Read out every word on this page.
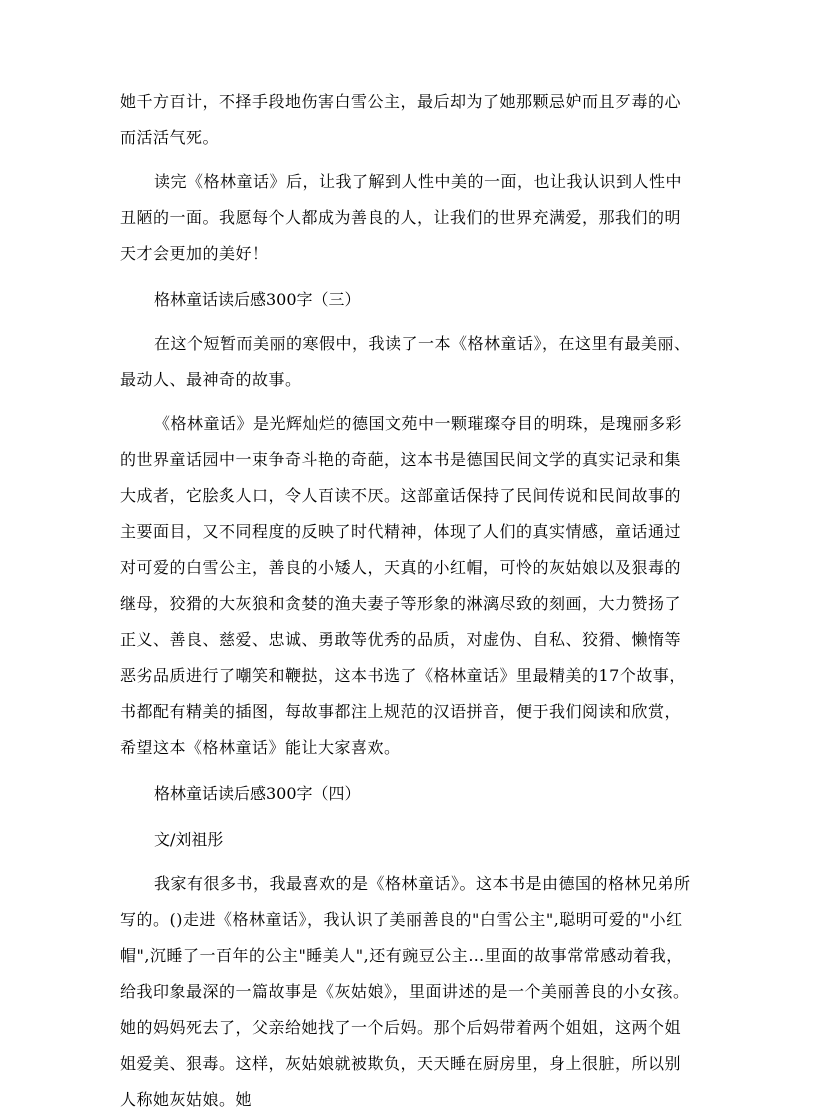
她千方百计，不择手段地伤害白雪公主，最后却为了她那颗忌妒而且歹毒的心而活活气死。

读完《格林童话》后，让我了解到人性中美的一面，也让我认识到人性中丑陋的一面。我愿每个人都成为善良的人，让我们的世界充满爱，那我们的明天才会更加的美好！

格林童话读后感300字（三）

在这个短暂而美丽的寒假中，我读了一本《格林童话》，在这里有最美丽、最动人、最神奇的故事。

《格林童话》是光辉灿烂的德国文苑中一颗璀璨夺目的明珠，是瑰丽多彩的世界童话园中一束争奇斗艳的奇葩，这本书是德国民间文学的真实记录和集大成者，它脍炙人口，令人百读不厌。这部童话保持了民间传说和民间故事的主要面目，又不同程度的反映了时代精神，体现了人们的真实情感，童话通过对可爱的白雪公主，善良的小矮人，天真的小红帽，可怜的灰姑娘以及狠毒的继母，狡猾的大灰狼和贪婪的渔夫妻子等形象的淋漓尽致的刻画，大力赞扬了正义、善良、慈爱、忠诚、勇敢等优秀的品质，对虚伪、自私、狡猾、懒惰等恶劣品质进行了嘲笑和鞭挞，这本书选了《格林童话》里最精美的17个故事，书都配有精美的插图，每故事都注上规范的汉语拼音，便于我们阅读和欣赏，希望这本《格林童话》能让大家喜欢。

格林童话读后感300字（四）

文/刘祖彤

我家有很多书，我最喜欢的是《格林童话》。这本书是由德国的格林兄弟所写的。()走进《格林童话》，我认识了美丽善良的"白雪公主",聪明可爱的"小红帽",沉睡了一百年的公主"睡美人",还有豌豆公主…里面的故事常常感动着我，给我印象最深的一篇故事是《灰姑娘》，里面讲述的是一个美丽善良的小女孩。她的妈妈死去了，父亲给她找了一个后妈。那个后妈带着两个姐姐，这两个姐姐爱美、狠毒。这样，灰姑娘就被欺负，天天睡在厨房里，身上很脏，所以别人称她灰姑娘。她
